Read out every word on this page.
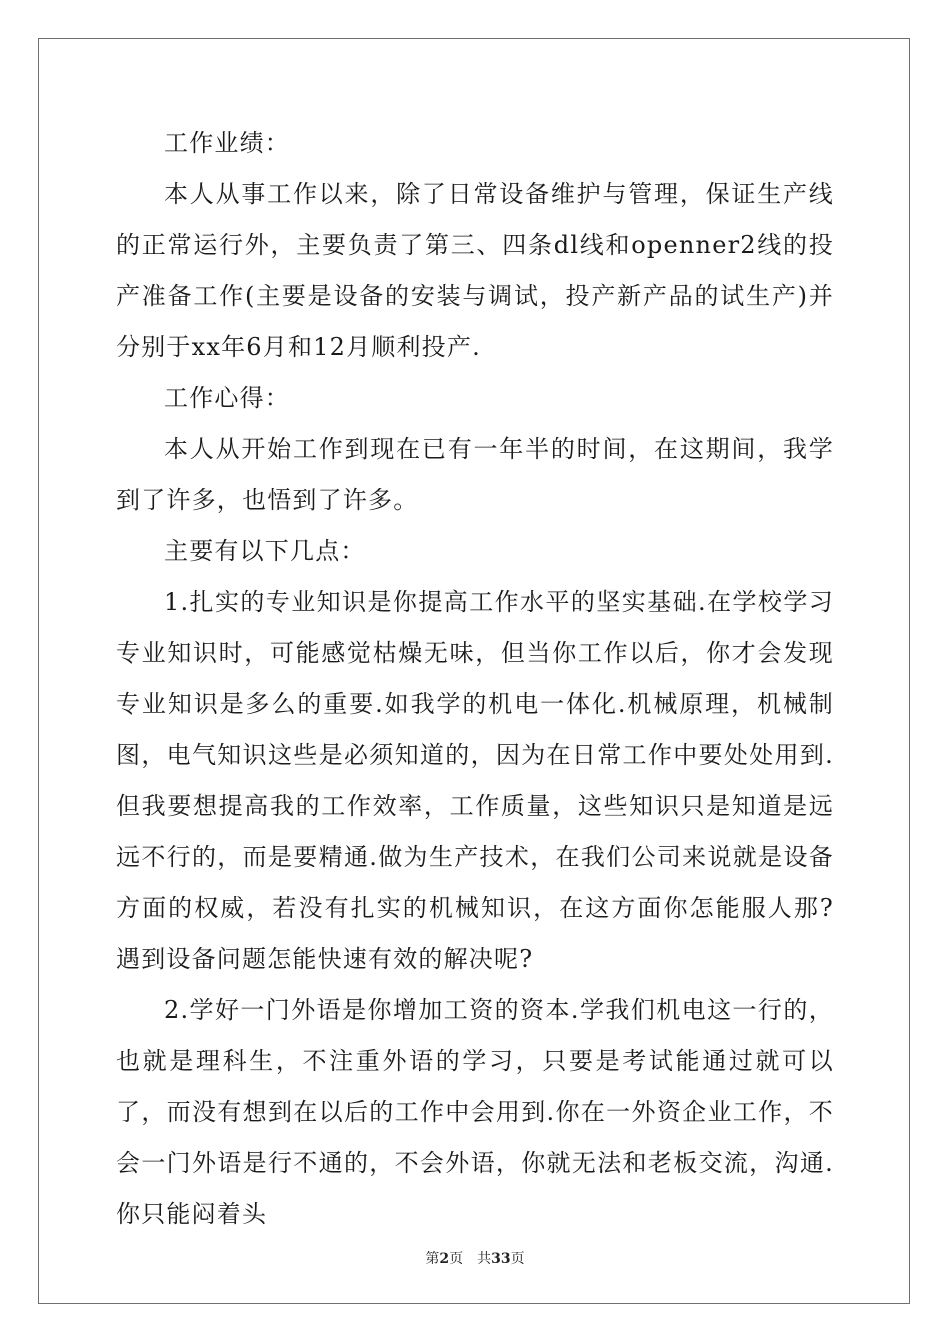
工作业绩：

本人从事工作以来，除了日常设备维护与管理，保证生产线的正常运行外，主要负责了第三、四条dl线和openner2线的投产准备工作(主要是设备的安装与调试，投产新产品的试生产)并分别于xx年6月和12月顺利投产.

工作心得：

本人从开始工作到现在已有一年半的时间，在这期间，我学到了许多，也悟到了许多。

主要有以下几点：

1.扎实的专业知识是你提高工作水平的坚实基础.在学校学习专业知识时，可能感觉枯燥无味，但当你工作以后，你才会发现专业知识是多么的重要.如我学的机电一体化.机械原理，机械制图，电气知识这些是必须知道的，因为在日常工作中要处处用到.但我要想提高我的工作效率，工作质量，这些知识只是知道是远远不行的，而是要精通.做为生产技术，在我们公司来说就是设备方面的权威，若没有扎实的机械知识，在这方面你怎能服人那?遇到设备问题怎能快速有效的解决呢?

2.学好一门外语是你增加工资的资本.学我们机电这一行的，也就是理科生，不注重外语的学习，只要是考试能通过就可以了，而没有想到在以后的工作中会用到.你在一外资企业工作，不会一门外语是行不通的，不会外语，你就无法和老板交流，沟通.你只能闷着头

第2页　共33页
